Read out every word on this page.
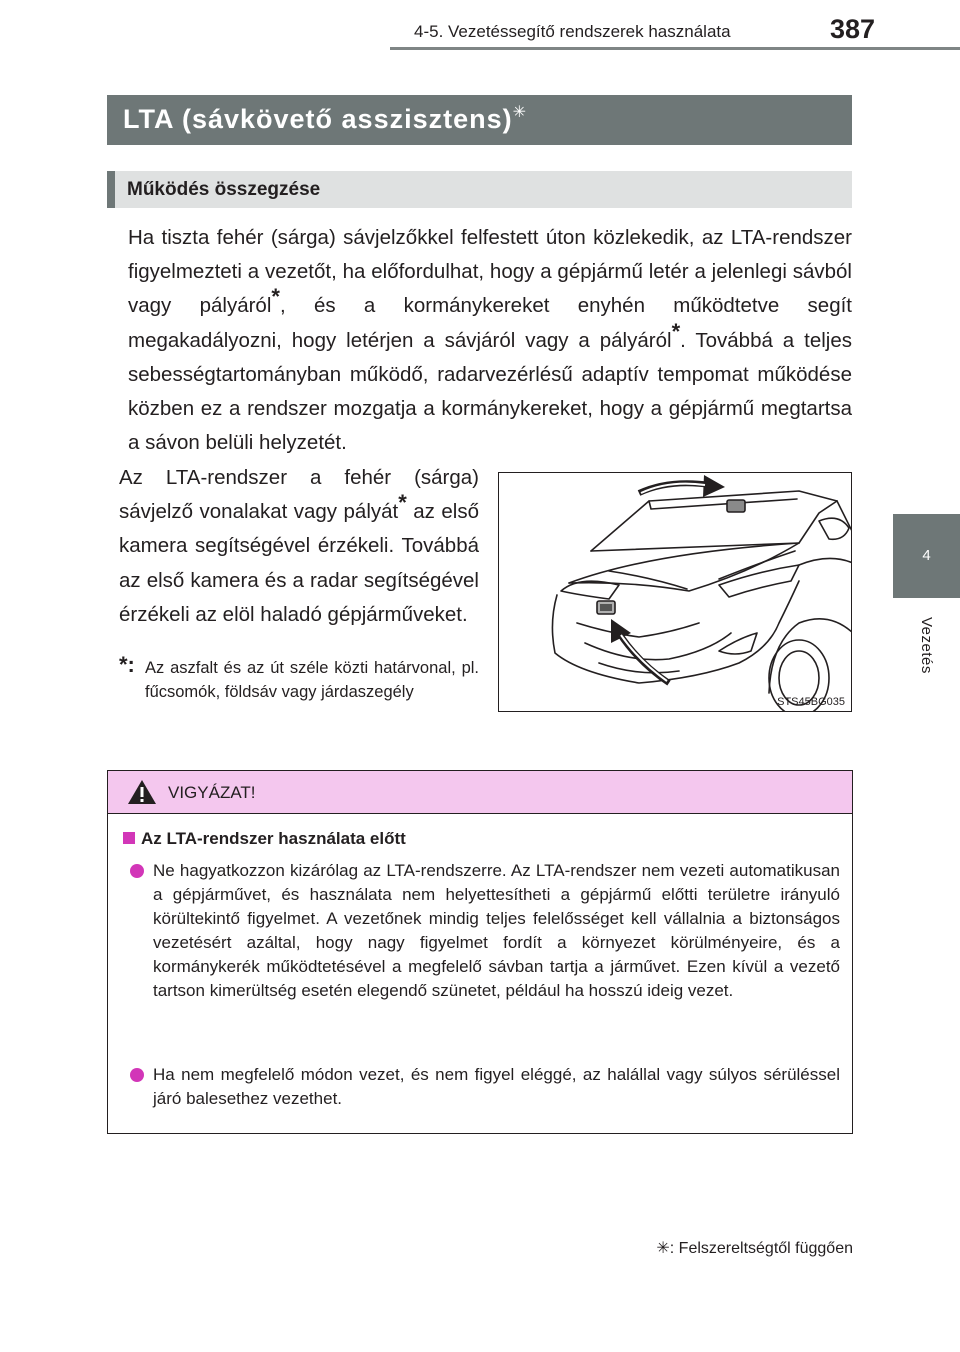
4-5. Vezetéssegítő rendszerek használata	387
4
Vezetés
LTA (sávkövető asszisztens)✳
Működés összegzése
Ha tiszta fehér (sárga) sávjelzőkkel felfestett úton közlekedik, az LTA-rendszer figyelmezteti a vezetőt, ha előfordulhat, hogy a gépjármű letér a jelenlegi sávból vagy pályáról*, és a kormánykereket enyhén működtetve segít megakadályozni, hogy letérjen a sávjáról vagy a pályáról*. Továbbá a teljes sebességtartományban működő, radarvezérlésű adaptív tempomat működése közben ez a rendszer mozgatja a kormánykereket, hogy a gépjármű megtartsa a sávon belüli helyzetét.
Az LTA-rendszer a fehér (sárga) sávjelző vonalakat vagy pályát* az első kamera segítségével érzékeli. Továbbá az első kamera és a radar segítségével érzékeli az elöl haladó gépjárműveket.
*: Az aszfalt és az út széle közti határvonal, pl. fűcsomók, földsáv vagy járdaszegély
STS45BG035
VIGYÁZAT!
Az LTA-rendszer használata előtt
Ne hagyatkozzon kizárólag az LTA-rendszerre. Az LTA-rendszer nem vezeti automatikusan a gépjárművet, és használata nem helyettesítheti a gépjármű előtti területre irányuló körültekintő figyelmet. A vezetőnek mindig teljes felelősséget kell vállalnia a biztonságos vezetésért azáltal, hogy nagy figyelmet fordít a környezet körülményeire, és a kormánykerék működtetésével a megfelelő sávban tartja a járművet. Ezen kívül a vezető tartson kimerültség esetén elegendő szünetet, például ha hosszú ideig vezet.
Ha nem megfelelő módon vezet, és nem figyel eléggé, az halállal vagy súlyos sérüléssel járó balesethez vezethet.
✳: Felszereltségtől függően
